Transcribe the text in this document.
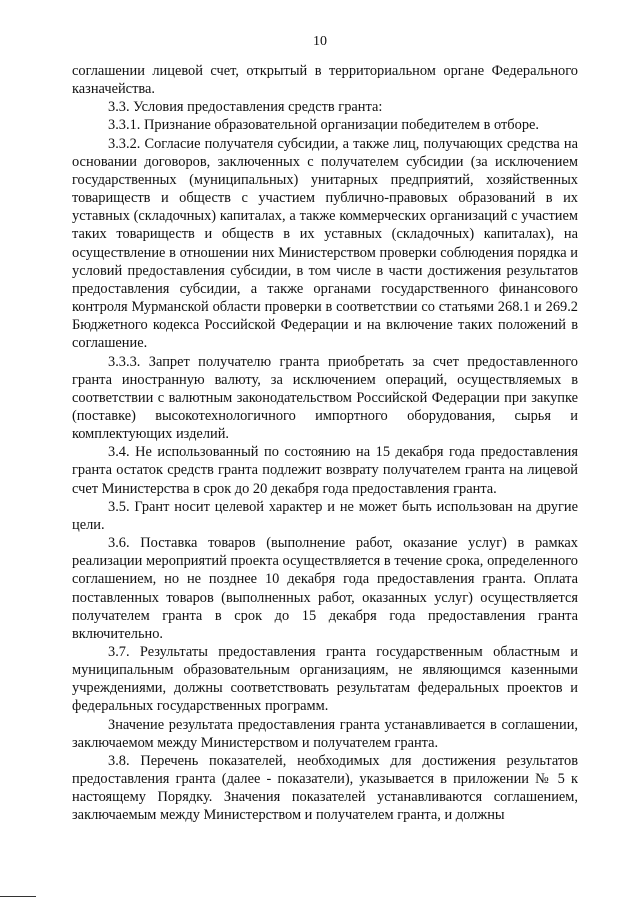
10

соглашении лицевой счет, открытый в территориальном органе Федерального казначейства.

3.3. Условия предоставления средств гранта:

3.3.1. Признание образовательной организации победителем в отборе.

3.3.2. Согласие получателя субсидии, а также лиц, получающих средства на основании договоров, заключенных с получателем субсидии (за исключением государственных (муниципальных) унитарных предприятий, хозяйственных товариществ и обществ с участием публично-правовых образований в их уставных (складочных) капиталах, а также коммерческих организаций с участием таких товариществ и обществ в их уставных (складочных) капиталах), на осуществление в отношении них Министерством проверки соблюдения порядка и условий предоставления субсидии, в том числе в части достижения результатов предоставления субсидии, а также органами государственного финансового контроля Мурманской области проверки в соответствии со статьями 268.1 и 269.2 Бюджетного кодекса Российской Федерации и на включение таких положений в соглашение.

3.3.3. Запрет получателю гранта приобретать за счет предоставленного гранта иностранную валюту, за исключением операций, осуществляемых в соответствии с валютным законодательством Российской Федерации при закупке (поставке) высокотехнологичного импортного оборудования, сырья и комплектующих изделий.

3.4. Не использованный по состоянию на 15 декабря года предоставления гранта остаток средств гранта подлежит возврату получателем гранта на лицевой счет Министерства в срок до 20 декабря года предоставления гранта.

3.5. Грант носит целевой характер и не может быть использован на другие цели.

3.6. Поставка товаров (выполнение работ, оказание услуг) в рамках реализации мероприятий проекта осуществляется в течение срока, определенного соглашением, но не позднее 10 декабря года предоставления гранта. Оплата поставленных товаров (выполненных работ, оказанных услуг) осуществляется получателем гранта в срок до 15 декабря года предоставления гранта включительно.

3.7. Результаты предоставления гранта государственным областным и муниципальным образовательным организациям, не являющимся казенными учреждениями, должны соответствовать результатам федеральных проектов и федеральных государственных программ.

Значение результата предоставления гранта устанавливается в соглашении, заключаемом между Министерством и получателем гранта.

3.8. Перечень показателей, необходимых для достижения результатов предоставления гранта (далее - показатели), указывается в приложении № 5 к настоящему Порядку. Значения показателей устанавливаются соглашением, заключаемым между Министерством и получателем гранта, и должны
